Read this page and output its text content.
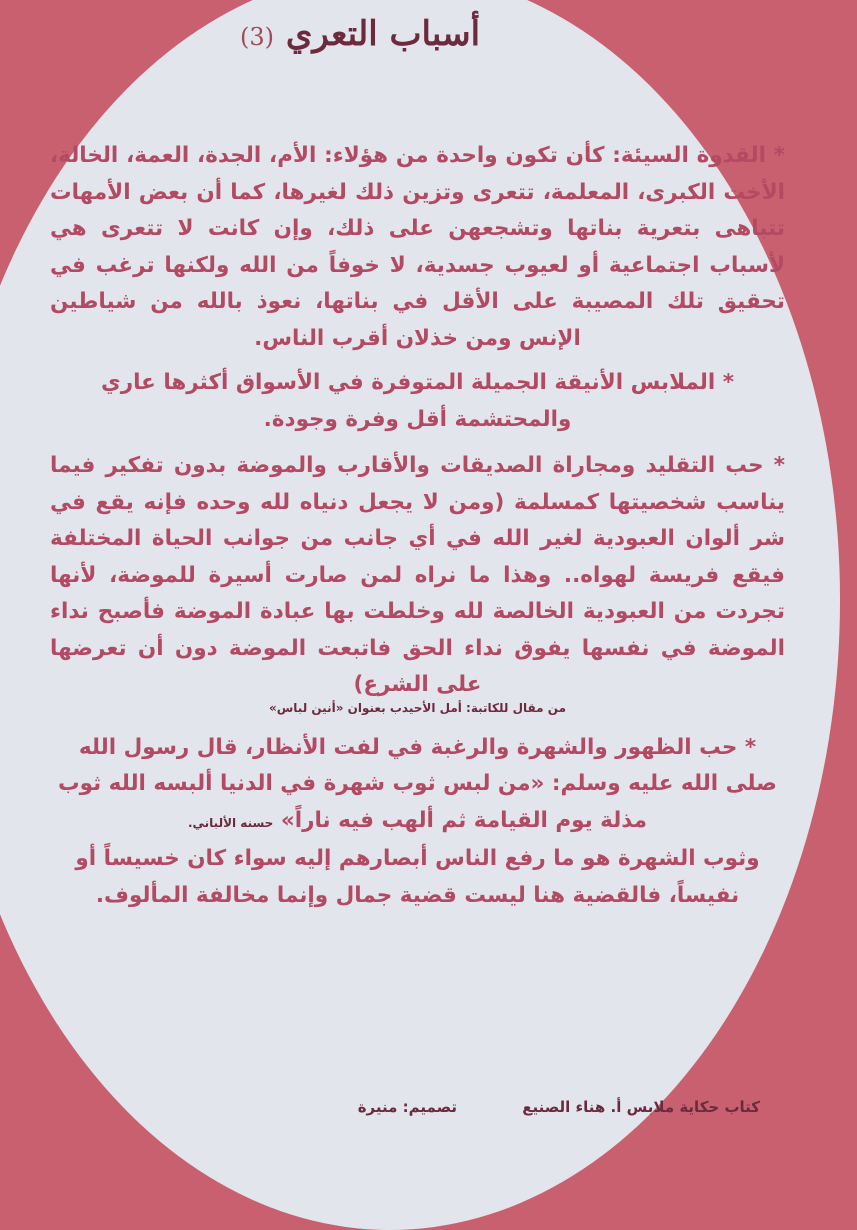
أسباب التعري (3)

* القدوة السيئة: كأن تكون واحدة من هؤلاء: الأم، الجدة، العمة، الخالة، الأخت الكبرى، المعلمة، تتعرى وتزين ذلك لغيرها، كما أن بعض الأمهات تتباهى بتعرية بناتها وتشجعهن على ذلك، وإن كانت لا تتعرى هي لأسباب اجتماعية أو لعيوب جسدية، لا خوفاً من الله ولكنها ترغب في تحقيق تلك المصيبة على الأقل في بناتها، نعوذ بالله من شياطين الإنس ومن خذلان أقرب الناس.

* الملابس الأنيقة الجميلة المتوفرة في الأسواق أكثرها عاري والمحتشمة أقل وفرة وجودة.

* حب التقليد ومجاراة الصديقات والأقارب والموضة بدون تفكير فيما يناسب شخصيتها كمسلمة (ومن لا يجعل دنياه لله وحده فإنه يقع في شر ألوان العبودية لغير الله في أي جانب من جوانب الحياة المختلفة فيقع فريسة لهواه.. وهذا ما نراه لمن صارت أسيرة للموضة، لأنها تجردت من العبودية الخالصة لله وخلطت بها عبادة الموضة فأصبح نداء الموضة في نفسها يفوق نداء الحق فاتبعت الموضة دون أن تعرضها على الشرع)

من مقال للكاتبة: أمل الأحيدب بعنوان «أنين لباس»

* حب الظهور والشهرة والرغبة في لفت الأنظار، قال رسول الله صلى الله عليه وسلم: «من لبس ثوب شهرة في الدنيا ألبسه الله ثوب مذلة يوم القيامة ثم ألهب فيه ناراً» حسنه الألباني.

وثوب الشهرة هو ما رفع الناس أبصارهم إليه سواء كان خسيساً أو نفيساً، فالقضية هنا ليست قضية جمال وإنما مخالفة المألوف.

كتاب حكاية ملابس أ. هناء الصنيع تصميم: منيرة
